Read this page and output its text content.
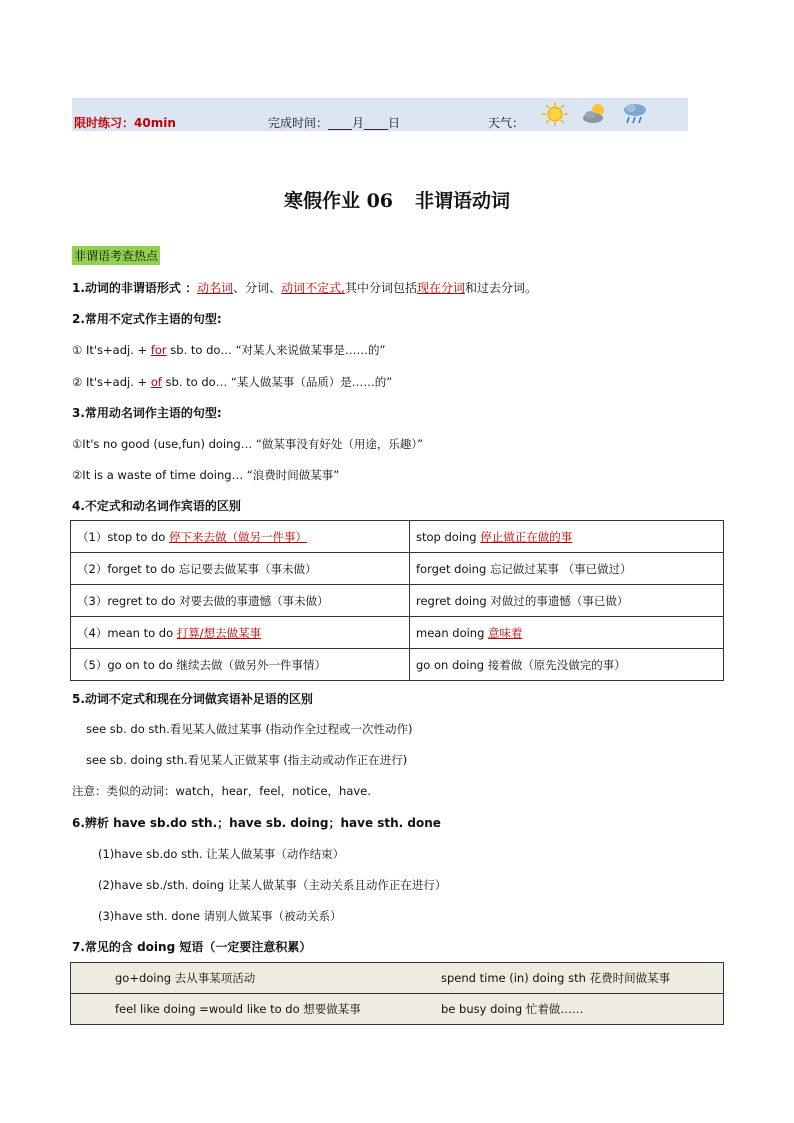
限时练习：40min	完成时间：____月____日	天气：
寒假作业 06 非谓语动词
非谓语考查热点
1.动词的非谓语形式 ：动名词、分词、动词不定式,其中分词包括现在分词和过去分词。
2.常用不定式作主语的句型:
① It's+adj. + for sb. to do… “对某人来说做某事是……的”
② It's+adj. + of sb. to do… “某人做某事（品质）是……的”
3.常用动名词作主语的句型:
①It's no good (use,fun) doing… “做某事没有好处（用途，乐趣）”
②It is a waste of time doing… “浪费时间做某事”
4.不定式和动名词作宾语的区别
（1）stop to do 停下来去做（做另一件事）	stop doing 停止做正在做的事
（2）forget to do 忘记要去做某事（事未做）	forget doing 忘记做过某事 （事已做过）
（3）regret to do 对要去做的事遗憾（事未做）	regret doing 对做过的事遗憾（事已做）
（4）mean to do 打算/想去做某事	mean doing 意味着
（5）go on to do 继续去做（做另外一件事情）	go on doing 接着做（原先没做完的事）
5.动词不定式和现在分词做宾语补足语的区别
see sb. do sth.看见某人做过某事 (指动作全过程或一次性动作)
see sb. doing sth.看见某人正做某事 (指主动或动作正在进行)
注意：类似的动词：watch，hear，feel，notice，have.
6.辨析 have sb.do sth.；have sb. doing；have sth. done
(1)have sb.do sth. 让某人做某事（动作结束）
(2)have sb./sth. doing 让某人做某事（主动关系且动作正在进行）
(3)have sth. done 请别人做某事（被动关系）
7.常见的含 doing 短语（一定要注意积累）
go+doing 去从事某项活动	spend time (in) doing sth 花费时间做某事
feel like doing =would like to do 想要做某事	be busy doing 忙着做……
